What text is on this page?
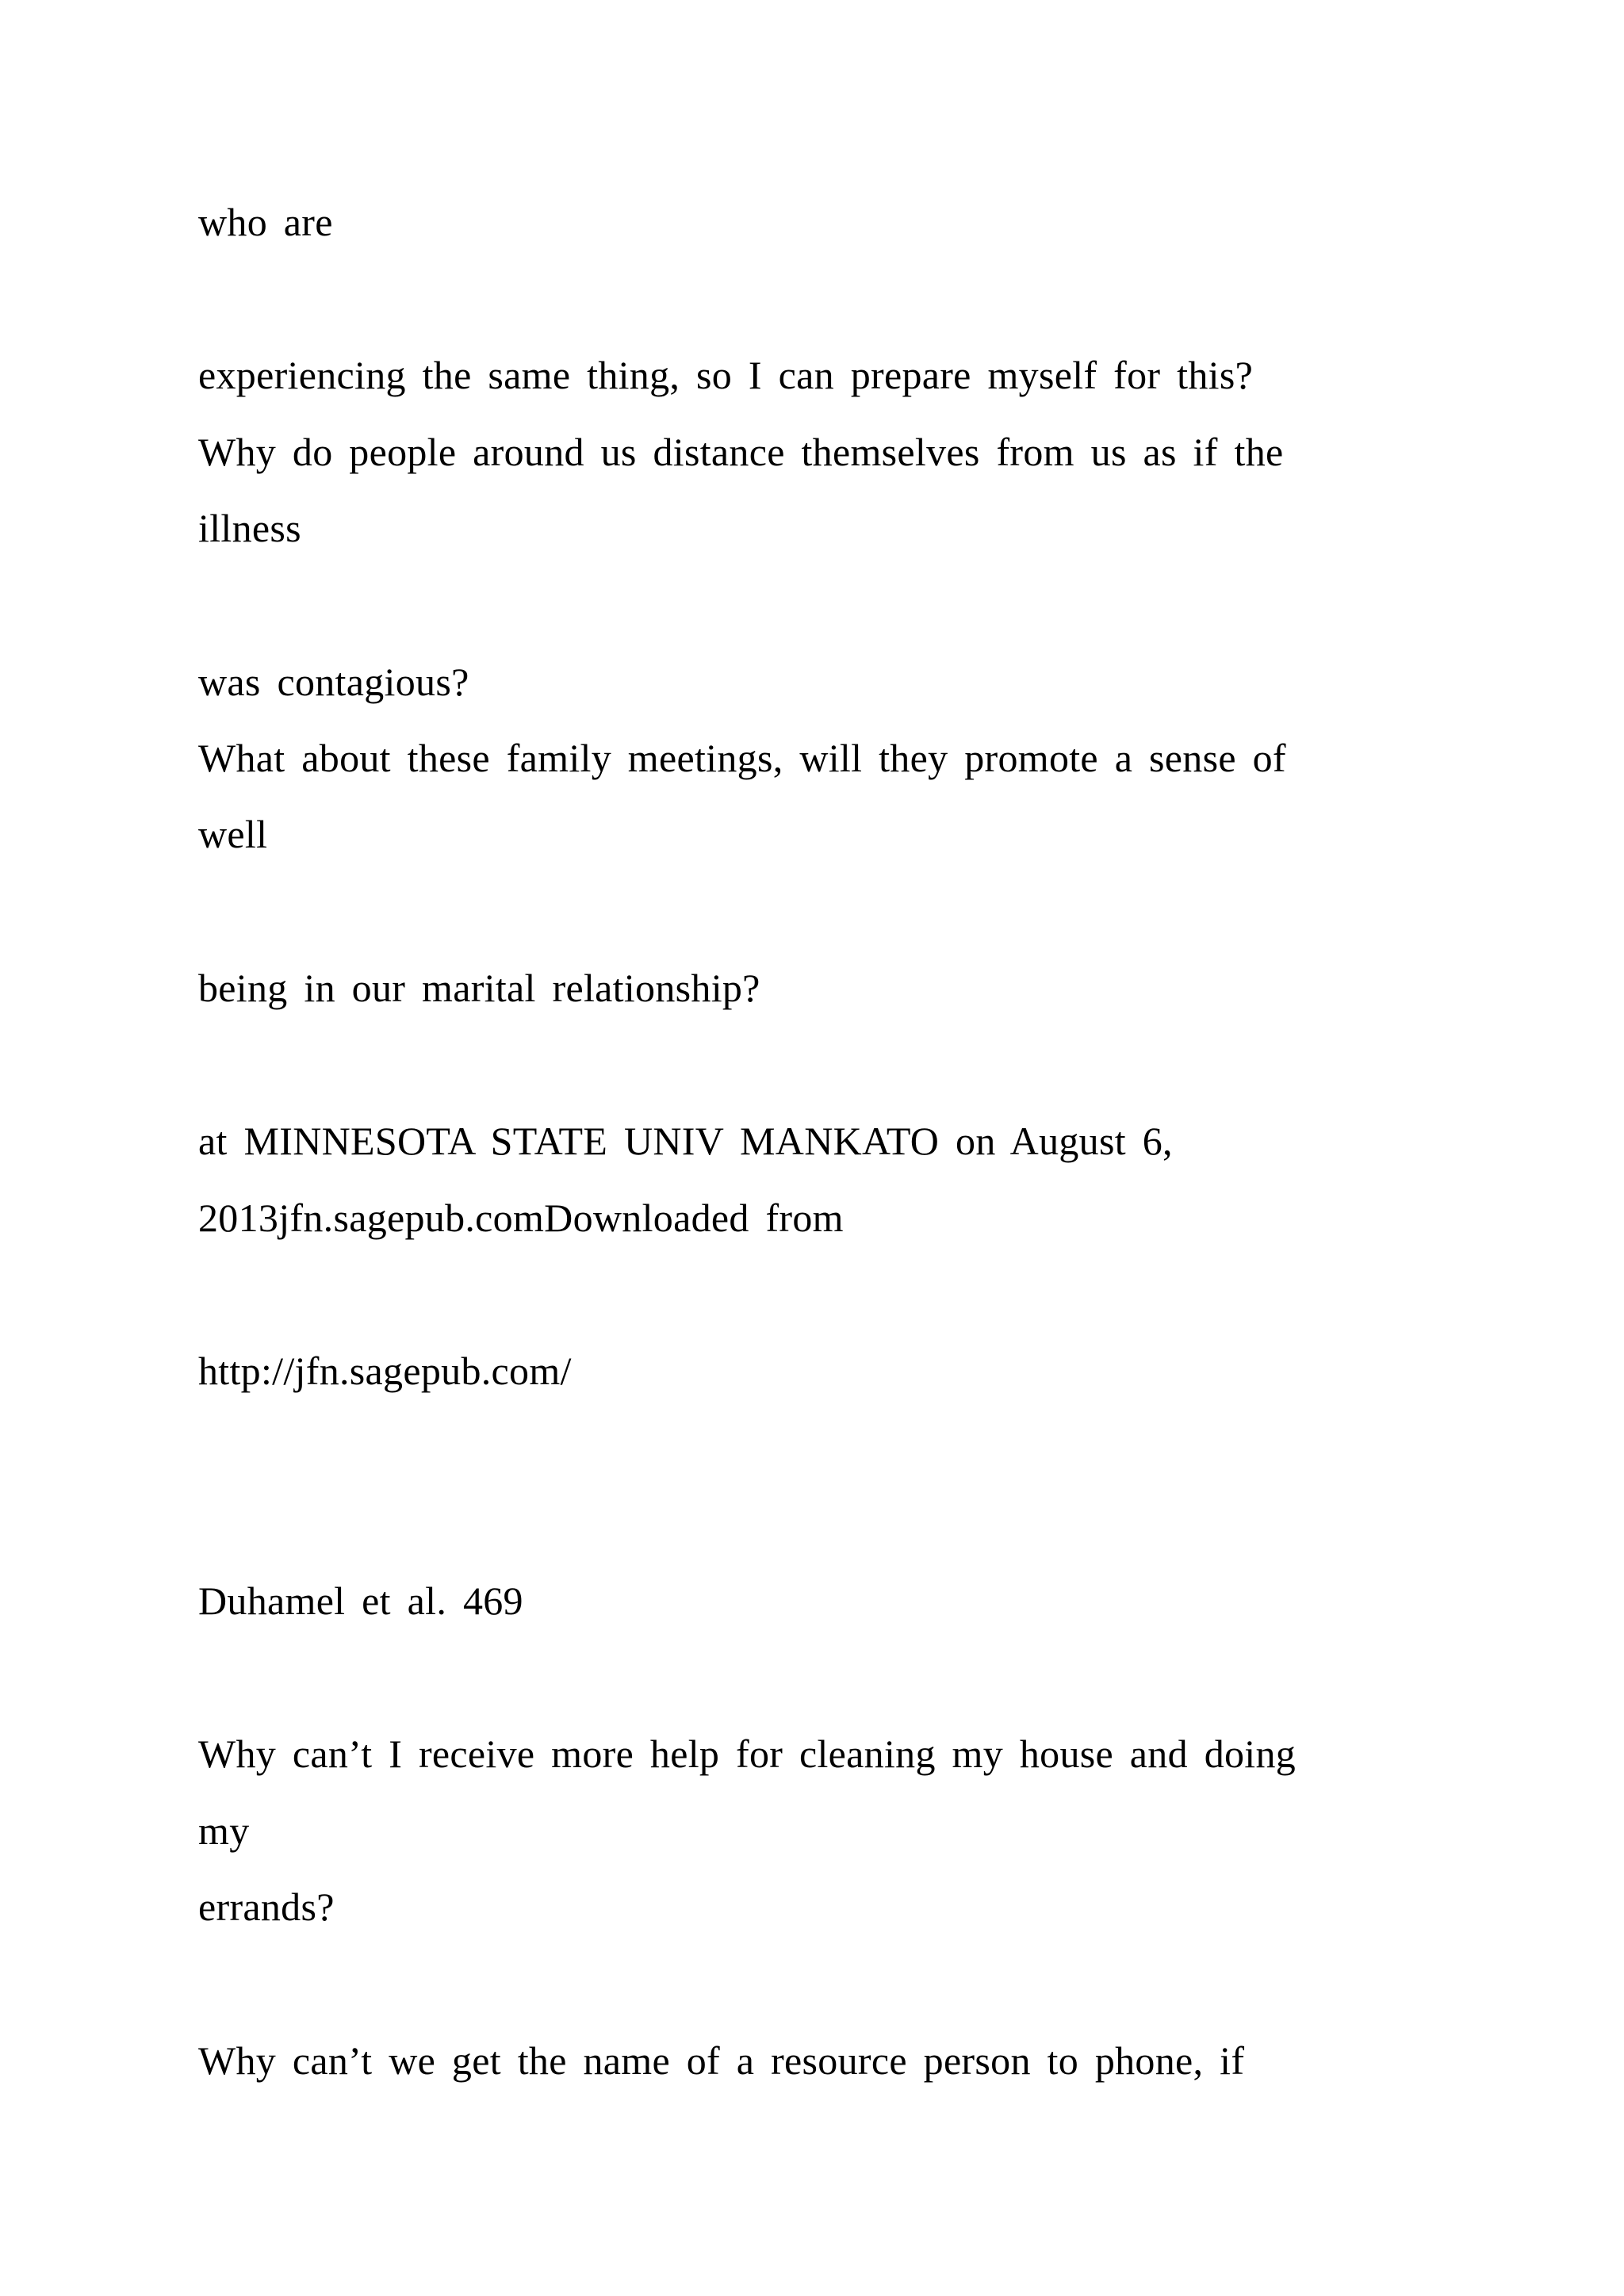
who are
experiencing the same thing, so I can prepare myself for this?
Why do people around us distance themselves from us as if the
illness
was contagious?
What about these family meetings, will they promote a sense of
well
being in our marital relationship?
at MINNESOTA STATE UNIV MANKATO on August 6,
2013jfn.sagepub.comDownloaded from
http://jfn.sagepub.com/
Duhamel et al. 469
Why can’t I receive more help for cleaning my house and doing
my
errands?
Why can’t we get the name of a resource person to phone, if
